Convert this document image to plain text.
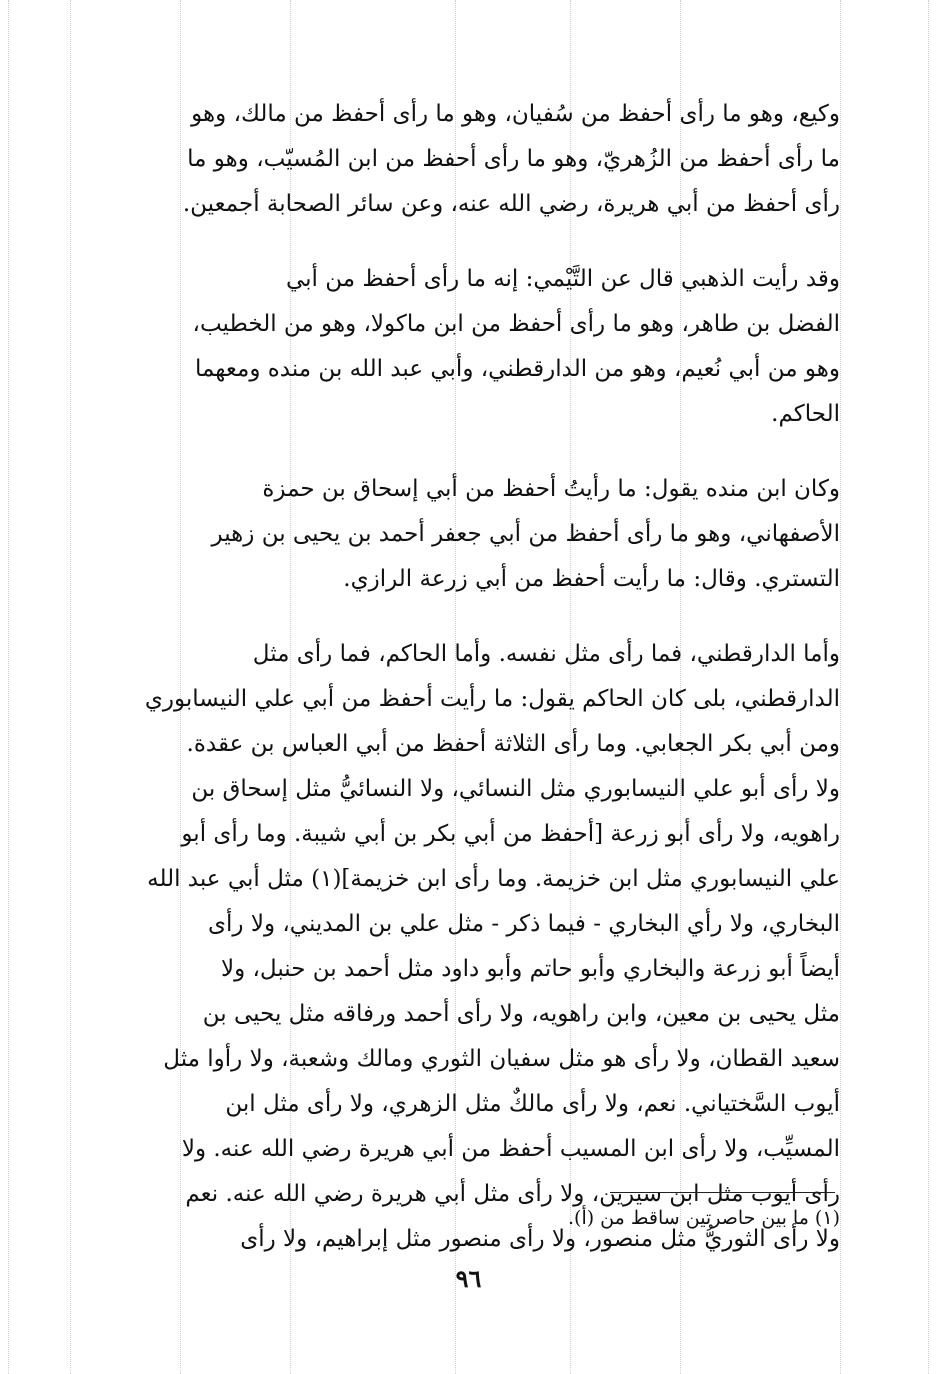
وكيع، وهو ما رأى أحفظ من سُفيان، وهو ما رأى أحفظ من مالك، وهو
ما رأى أحفظ من الزُهريّ، وهو ما رأى أحفظ من ابن المُسيّب، وهو ما
رأى أحفظ من أبي هريرة، رضي الله عنه، وعن سائر الصحابة أجمعين.
وقد رأيت الذهبي قال عن التَّيْمي: إنه ما رأى أحفظ من أبي
الفضل بن طاهر، وهو ما رأى أحفظ من ابن ماكولا، وهو من الخطيب،
وهو من أبي نُعيم، وهو من الدارقطني، وأبي عبد الله بن منده ومعهما
الحاكم.
وكان ابن منده يقول: ما رأيتُ أحفظ من أبي إسحاق بن حمزة
الأصفهاني، وهو ما رأى أحفظ من أبي جعفر أحمد بن يحيى بن زهير
التستري. وقال: ما رأيت أحفظ من أبي زرعة الرازي.
وأما الدارقطني، فما رأى مثل نفسه. وأما الحاكم، فما رأى مثل
الدارقطني، بلى كان الحاكم يقول: ما رأيت أحفظ من أبي علي النيسابوري
ومن أبي بكر الجعابي. وما رأى الثلاثة أحفظ من أبي العباس بن عقدة.
ولا رأى أبو علي النيسابوري مثل النسائي، ولا النسائيُّ مثل إسحاق بن
راهويه، ولا رأى أبو زرعة [أحفظ من أبي بكر بن أبي شيبة. وما رأى أبو
علي النيسابوري مثل ابن خزيمة. وما رأى ابن خزيمة](١) مثل أبي عبد الله
البخاري، ولا رأي البخاري - فيما ذكر - مثل علي بن المديني، ولا رأى
أيضاً أبو زرعة والبخاري وأبو حاتم وأبو داود مثل أحمد بن حنبل، ولا
مثل يحيى بن معين، وابن راهويه، ولا رأى أحمد ورفاقه مثل يحيى بن
سعيد القطان، ولا رأى هو مثل سفيان الثوري ومالك وشعبة، ولا رأوا مثل
أيوب السَّختياني. نعم، ولا رأى مالكٌ مثل الزهري، ولا رأى مثل ابن
المسيِّب، ولا رأى ابن المسيب أحفظ من أبي هريرة رضي الله عنه. ولا
رأى أيوب مثل ابن سيرين، ولا رأى مثل أبي هريرة رضي الله عنه. نعم
ولا رأى الثوريُّ مثل منصور، ولا رأى منصور مثل إبراهيم، ولا رأى
(١) ما بين حاصرتين ساقط من (أ).
٩٦
